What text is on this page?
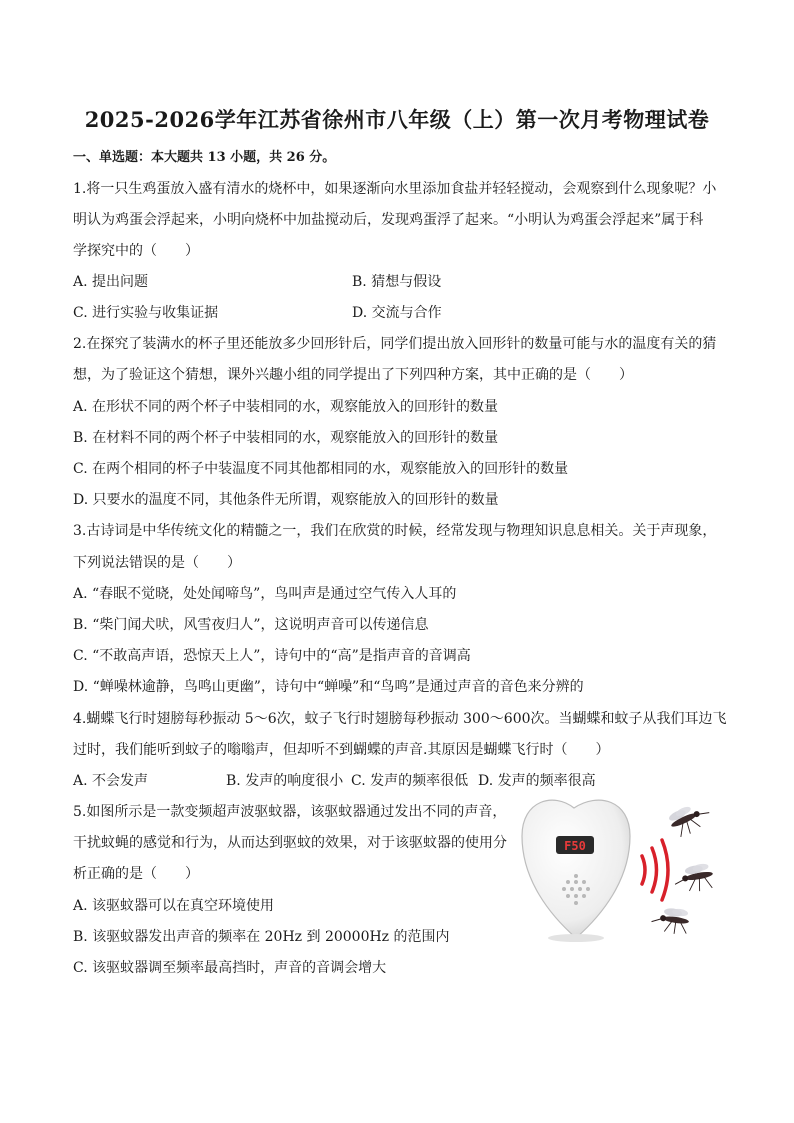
2025-2026学年江苏省徐州市八年级（上）第一次月考物理试卷
一、单选题：本大题共 13 小题，共 26 分。
1.将一只生鸡蛋放入盛有清水的烧杯中，如果逐渐向水里添加食盐并轻轻搅动，会观察到什么现象呢？小
明认为鸡蛋会浮起来，小明向烧杯中加盐搅动后，发现鸡蛋浮了起来。“小明认为鸡蛋会浮起来”属于科
学探究中的（　　）
A. 提出问题	B. 猜想与假设
C. 进行实验与收集证据	D. 交流与合作
2.在探究了装满水的杯子里还能放多少回形针后，同学们提出放入回形针的数量可能与水的温度有关的猜
想，为了验证这个猜想，课外兴趣小组的同学提出了下列四种方案，其中正确的是（　　）
A. 在形状不同的两个杯子中装相同的水，观察能放入的回形针的数量
B. 在材料不同的两个杯子中装相同的水，观察能放入的回形针的数量
C. 在两个相同的杯子中装温度不同其他都相同的水，观察能放入的回形针的数量
D. 只要水的温度不同，其他条件无所谓，观察能放入的回形针的数量
3.古诗词是中华传统文化的精髓之一，我们在欣赏的时候，经常发现与物理知识息息相关。关于声现象，
下列说法错误的是（　　）
A. “春眠不觉晓，处处闻啼鸟”，鸟叫声是通过空气传入人耳的
B. “柴门闻犬吠，风雪夜归人”，这说明声音可以传递信息
C. “不敢高声语，恐惊天上人”，诗句中的“高”是指声音的音调高
D. “蝉噪林逾静，鸟鸣山更幽”，诗句中“蝉噪”和“鸟鸣”是通过声音的音色来分辨的
4.蝴蝶飞行时翅膀每秒振动 5～6次，蚊子飞行时翅膀每秒振动 300～600次。当蝴蝶和蚊子从我们耳边飞
过时，我们能听到蚊子的嗡嗡声，但却听不到蝴蝶的声音.其原因是蝴蝶飞行时（　　）
A. 不会发声	B. 发声的响度很小 C. 发声的频率很低 D. 发声的频率很高
5.如图所示是一款变频超声波驱蚊器，该驱蚊器通过发出不同的声音，
干扰蚊蝇的感觉和行为，从而达到驱蚊的效果，对于该驱蚊器的使用分
析正确的是（　　）
A. 该驱蚊器可以在真空环境使用
B. 该驱蚊器发出声音的频率在 20Hz 到 20000Hz 的范围内
C. 该驱蚊器调至频率最高挡时，声音的音调会增大
F50
